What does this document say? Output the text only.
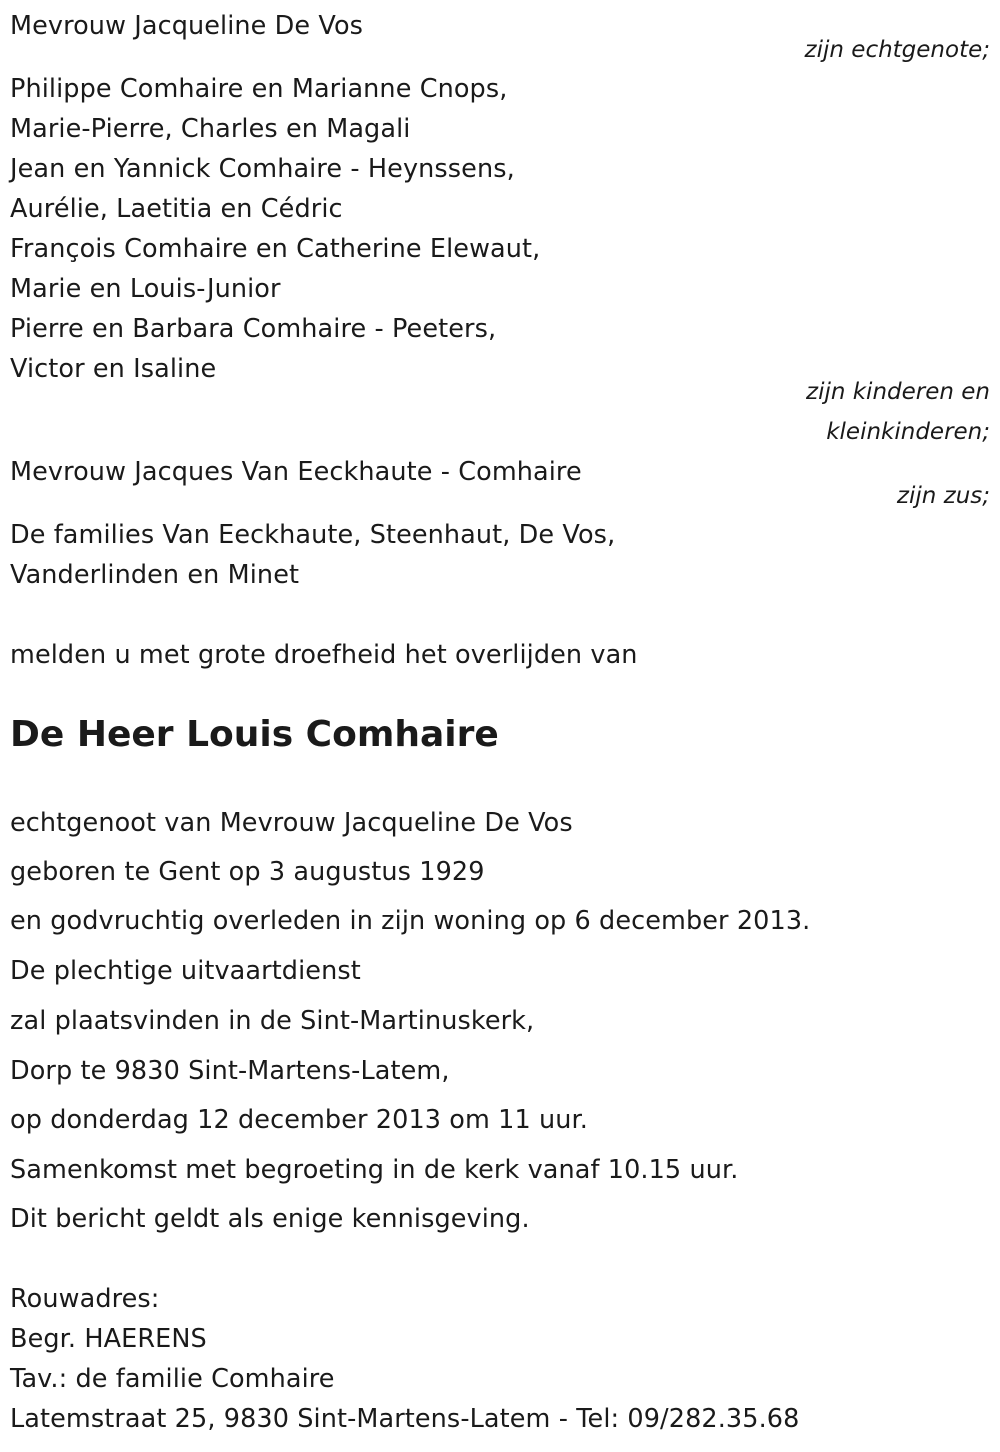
Mevrouw Jacqueline De Vos
zijn echtgenote;
Philippe Comhaire en Marianne Cnops,
Marie-Pierre, Charles en Magali
Jean en Yannick Comhaire - Heynssens,
Aurélie, Laetitia en Cédric
François Comhaire en Catherine Elewaut,
Marie en Louis-Junior
Pierre en Barbara Comhaire - Peeters,
Victor en Isaline
zijn kinderen en
kleinkinderen;
Mevrouw Jacques Van Eeckhaute - Comhaire
zijn zus;
De families Van Eeckhaute, Steenhaut, De Vos,
Vanderlinden en Minet
melden u met grote droefheid het overlijden van
De Heer Louis Comhaire
echtgenoot van Mevrouw Jacqueline De Vos
geboren te Gent op 3 augustus 1929
en godvruchtig overleden in zijn woning op 6 december 2013.
De plechtige uitvaartdienst
zal plaatsvinden in de Sint-Martinuskerk,
Dorp te 9830 Sint-Martens-Latem,
op donderdag 12 december 2013 om 11 uur.
Samenkomst met begroeting in de kerk vanaf 10.15 uur.
Dit bericht geldt als enige kennisgeving.
Rouwadres:
Begr. HAERENS
Tav.: de familie Comhaire
Latemstraat 25, 9830 Sint-Martens-Latem - Tel: 09/282.35.68
